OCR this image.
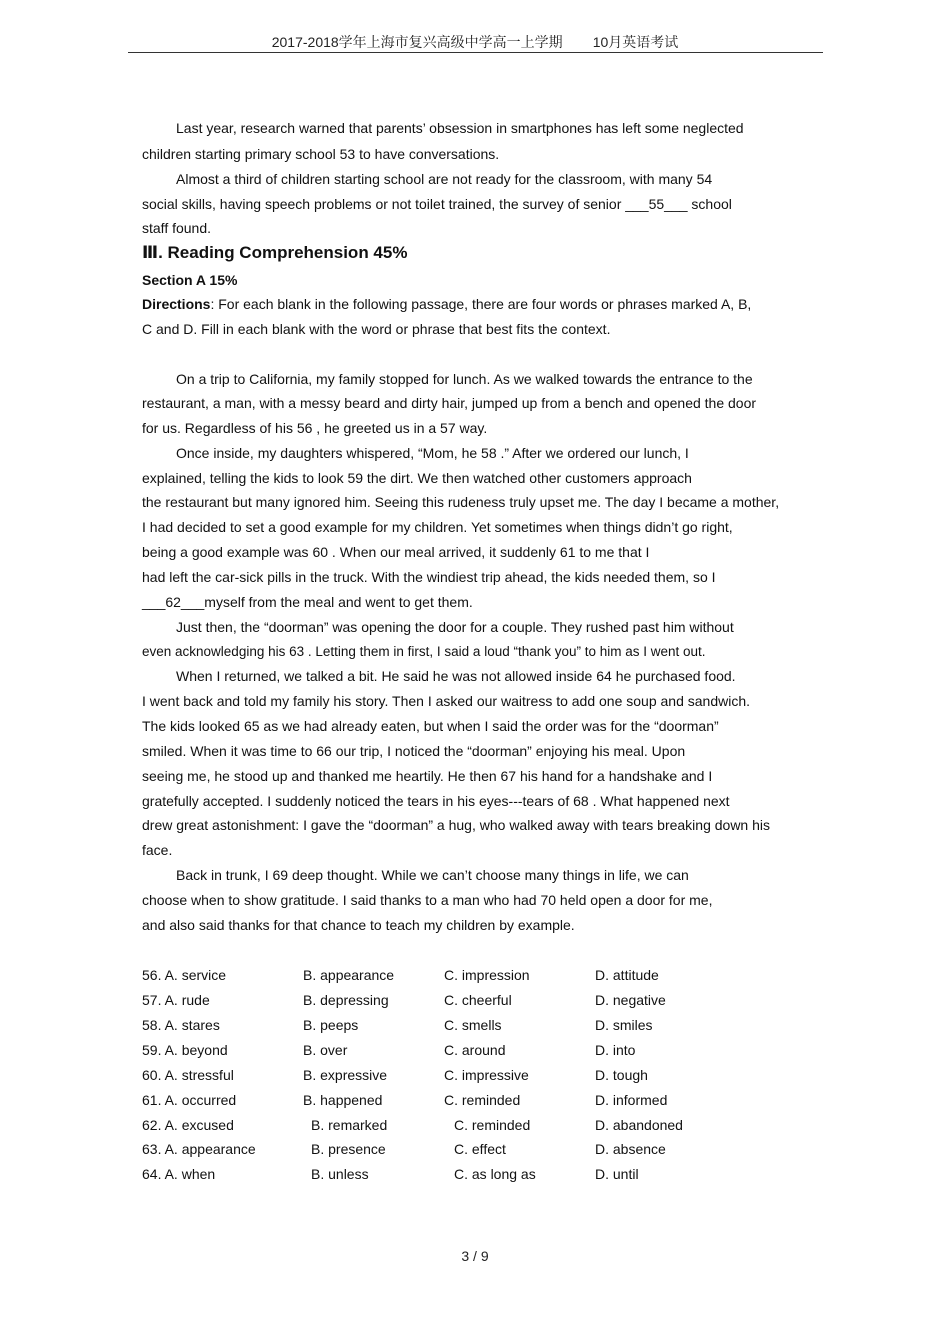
2017-2018学年上海市复兴高级中学高一上学期 10月英语考试
Last year, research warned that parents’ obsession in smartphones has left some neglected
children starting primary school 53 to have conversations.
Almost a third of children starting school are not ready for the classroom, with many 54
social skills, having speech problems or not toilet trained, the survey of senior ___55___ school
staff found.
Ⅲ. Reading Comprehension 45%
Section A 15%
Directions: For each blank in the following passage, there are four words or phrases marked A, B,
C and D. Fill in each blank with the word or phrase that best fits the context.
On a trip to California, my family stopped for lunch. As we walked towards the entrance to the
restaurant, a man, with a messy beard and dirty hair, jumped up from a bench and opened the door
for us. Regardless of his 56 , he greeted us in a 57 way.
Once inside, my daughters whispered, “Mom, he 58 .” After we ordered our lunch, I
explained, telling the kids to look 59 the dirt. We then watched other customers approach
the restaurant but many ignored him. Seeing this rudeness truly upset me. The day I became a mother,
I had decided to set a good example for my children. Yet sometimes when things didn’t go right,
being a good example was 60 . When our meal arrived, it suddenly 61 to me that I
had left the car-sick pills in the truck. With the windiest trip ahead, the kids needed them, so I
___62___myself from the meal and went to get them.
Just then, the “doorman” was opening the door for a couple. They rushed past him without
even acknowledging his 63 . Letting them in first, I said a loud “thank you” to him as I went out.
When I returned, we talked a bit. He said he was not allowed inside 64 he purchased food.
I went back and told my family his story. Then I asked our waitress to add one soup and sandwich.
The kids looked 65 as we had already eaten, but when I said the order was for the “doorman”
smiled. When it was time to 66 our trip, I noticed the “doorman” enjoying his meal. Upon
seeing me, he stood up and thanked me heartily. He then 67 his hand for a handshake and I
gratefully accepted. I suddenly noticed the tears in his eyes---tears of 68 . What happened next
drew great astonishment: I gave the “doorman” a hug, who walked away with tears breaking down his
face.
Back in trunk, I 69 deep thought. While we can’t choose many things in life, we can
choose when to show gratitude. I said thanks to a man who had 70 held open a door for me,
and also said thanks for that chance to teach my children by example.
56. A. service	B. appearance	C. impression	D. attitude
57. A. rude	B. depressing	C. cheerful	D. negative
58. A. stares	B. peeps	C. smells	D. smiles
59. A. beyond	B. over	C. around	D. into
60. A. stressful	B. expressive	C. impressive	D. tough
61. A. occurred	B. happened	C. reminded	D. informed
62. A. excused	B. remarked	C. reminded	D. abandoned
63. A. appearance	B. presence	C. effect	D. absence
64. A. when	B. unless	C. as long as	D. until
3 / 9
